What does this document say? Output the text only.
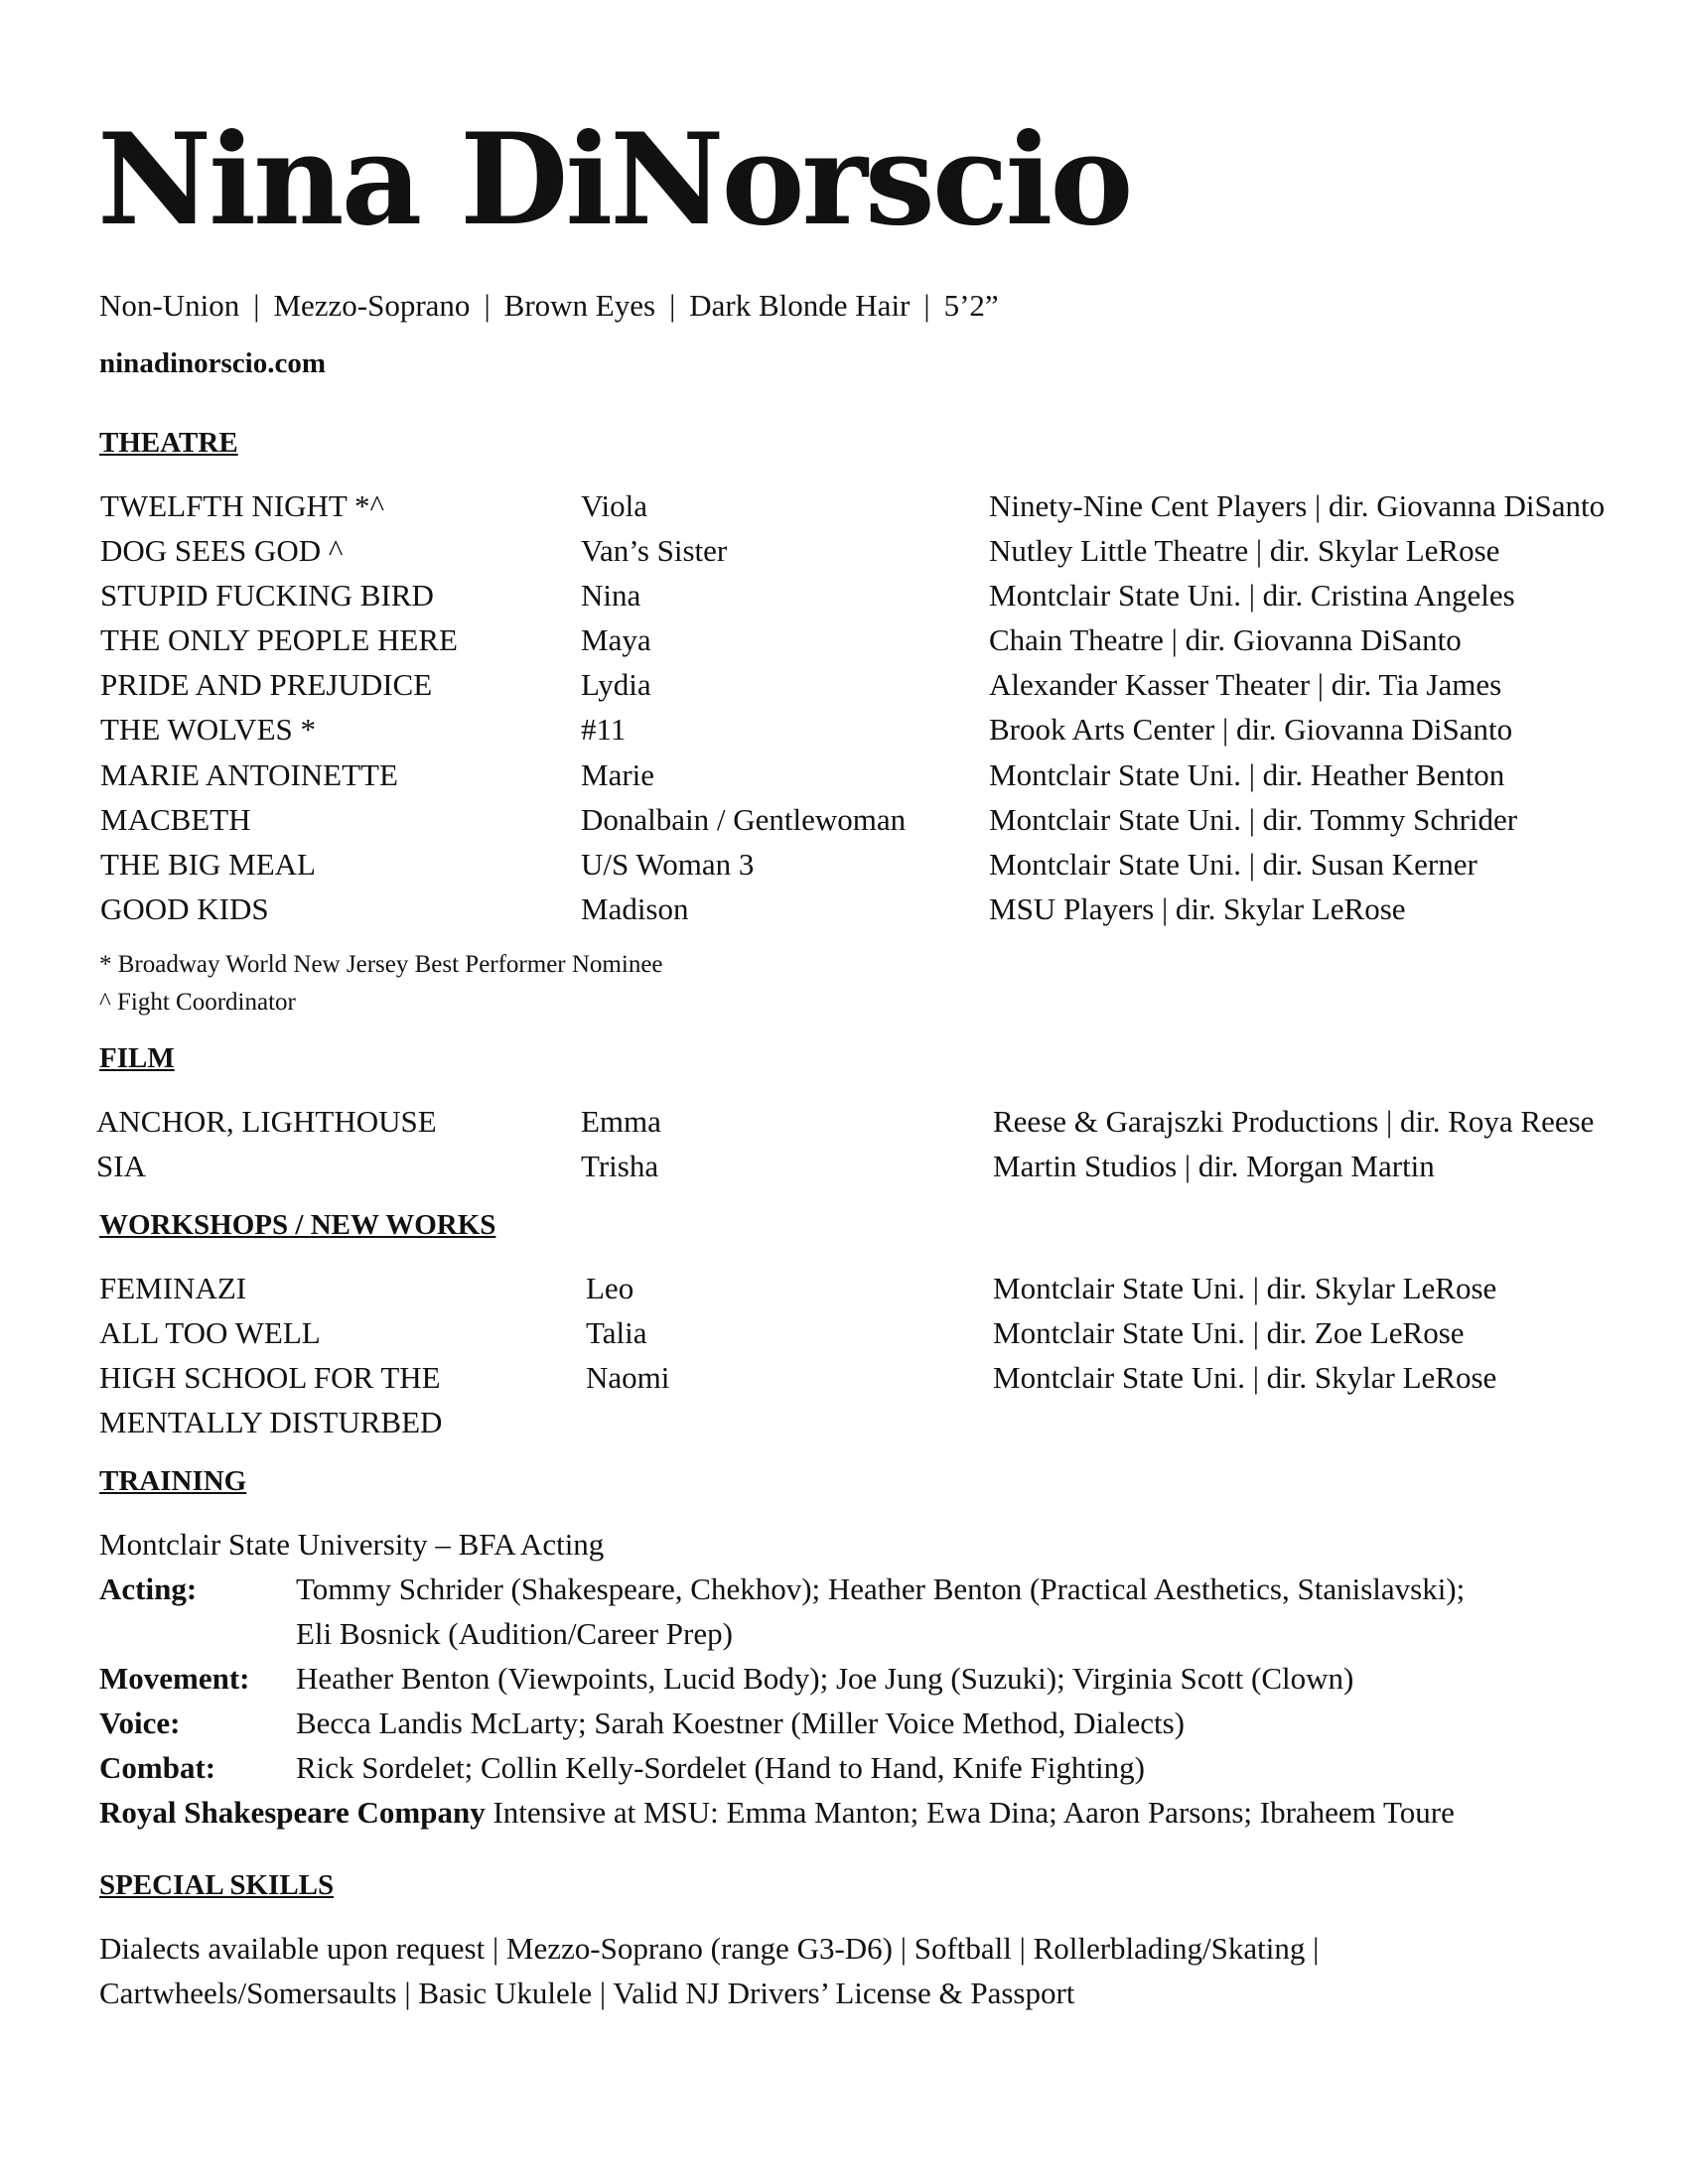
Nina DiNorscio
Non-Union | Mezzo-Soprano | Brown Eyes | Dark Blonde Hair | 5’2”
ninadinorscio.com
THEATRE
TWELFTH NIGHT *^	Viola	Ninety-Nine Cent Players | dir. Giovanna DiSanto
DOG SEES GOD ^	Van’s Sister	Nutley Little Theatre | dir. Skylar LeRose
STUPID FUCKING BIRD	Nina	Montclair State Uni. | dir. Cristina Angeles
THE ONLY PEOPLE HERE	Maya	Chain Theatre | dir. Giovanna DiSanto
PRIDE AND PREJUDICE	Lydia	Alexander Kasser Theater | dir. Tia James
THE WOLVES *	#11	Brook Arts Center | dir. Giovanna DiSanto
MARIE ANTOINETTE	Marie	Montclair State Uni. | dir. Heather Benton
MACBETH	Donalbain / Gentlewoman	Montclair State Uni. | dir. Tommy Schrider
THE BIG MEAL	U/S Woman 3	Montclair State Uni. | dir. Susan Kerner
GOOD KIDS	Madison	MSU Players | dir. Skylar LeRose
* Broadway World New Jersey Best Performer Nominee
^ Fight Coordinator
FILM
ANCHOR, LIGHTHOUSE	Emma	Reese & Garajszki Productions | dir. Roya Reese
SIA	Trisha	Martin Studios | dir. Morgan Martin
WORKSHOPS / NEW WORKS
FEMINAZI	Leo	Montclair State Uni. | dir. Skylar LeRose
ALL TOO WELL	Talia	Montclair State Uni. | dir. Zoe LeRose
HIGH SCHOOL FOR THE	Naomi	Montclair State Uni. | dir. Skylar LeRose
MENTALLY DISTURBED
TRAINING
Montclair State University – BFA Acting
Acting:	Tommy Schrider (Shakespeare, Chekhov); Heather Benton (Practical Aesthetics, Stanislavski);
Eli Bosnick (Audition/Career Prep)
Movement: Heather Benton (Viewpoints, Lucid Body); Joe Jung (Suzuki); Virginia Scott (Clown)
Voice:	Becca Landis McLarty; Sarah Koestner (Miller Voice Method, Dialects)
Combat:	Rick Sordelet; Collin Kelly-Sordelet (Hand to Hand, Knife Fighting)
Royal Shakespeare Company Intensive at MSU: Emma Manton; Ewa Dina; Aaron Parsons; Ibraheem Toure
SPECIAL SKILLS
Dialects available upon request | Mezzo-Soprano (range G3-D6) | Softball | Rollerblading/Skating |
Cartwheels/Somersaults | Basic Ukulele | Valid NJ Drivers’ License & Passport
